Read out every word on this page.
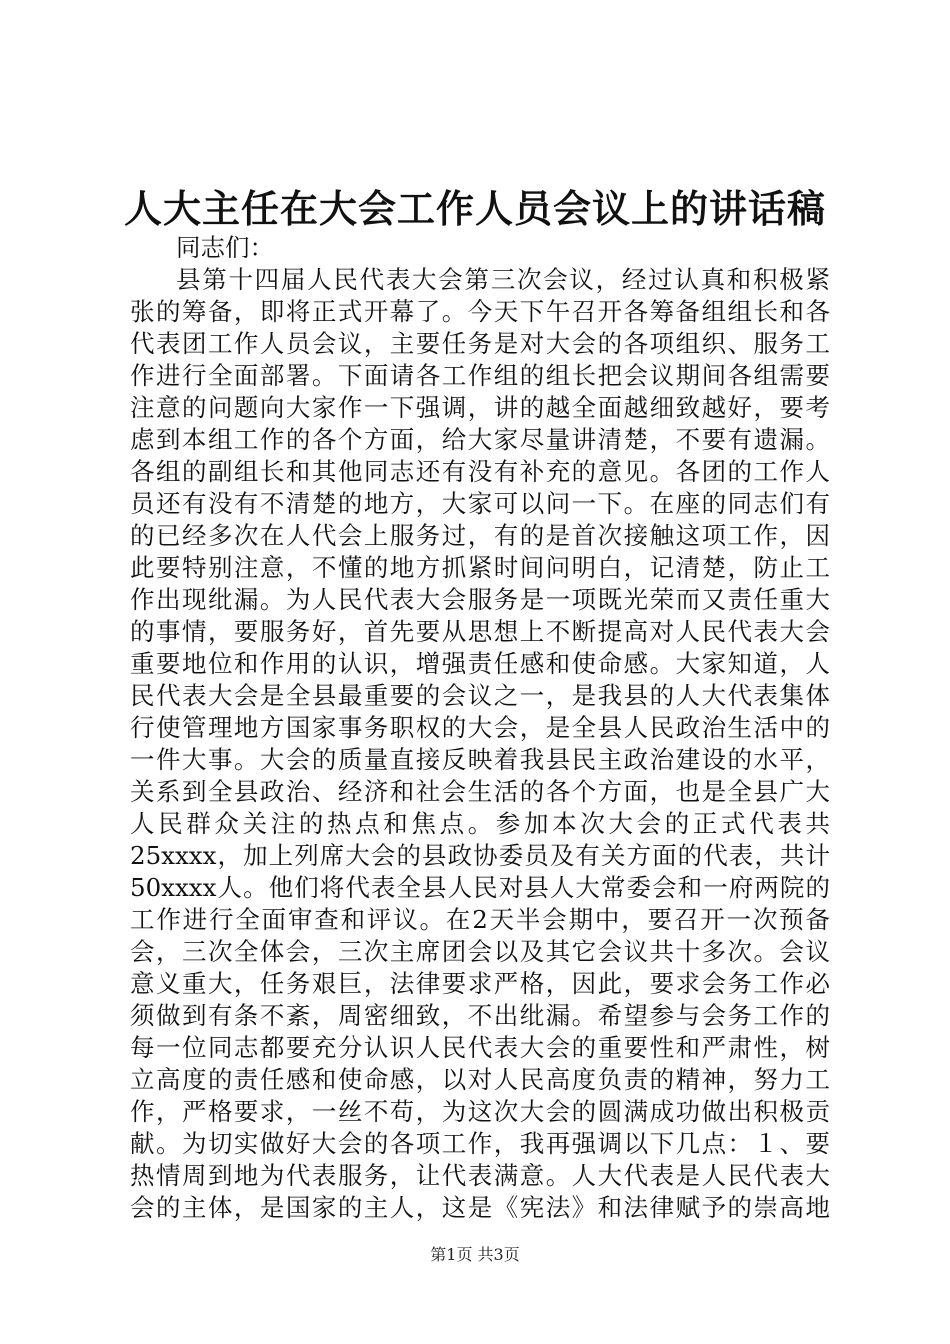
人大主任在大会工作人员会议上的讲话稿
同志们：
县第十四届人民代表大会第三次会议，经过认真和积极紧
张的筹备，即将正式开幕了。今天下午召开各筹备组组长和各
代表团工作人员会议，主要任务是对大会的各项组织、服务工
作进行全面部署。下面请各工作组的组长把会议期间各组需要
注意的问题向大家作一下强调，讲的越全面越细致越好，要考
虑到本组工作的各个方面，给大家尽量讲清楚，不要有遗漏。
各组的副组长和其他同志还有没有补充的意见。各团的工作人
员还有没有不清楚的地方，大家可以问一下。在座的同志们有
的已经多次在人代会上服务过，有的是首次接触这项工作，因
此要特别注意，不懂的地方抓紧时间问明白，记清楚，防止工
作出现纰漏。为人民代表大会服务是一项既光荣而又责任重大
的事情，要服务好，首先要从思想上不断提高对人民代表大会
重要地位和作用的认识，增强责任感和使命感。大家知道，人
民代表大会是全县最重要的会议之一，是我县的人大代表集体
行使管理地方国家事务职权的大会，是全县人民政治生活中的
一件大事。大会的质量直接反映着我县民主政治建设的水平，
关系到全县政治、经济和社会生活的各个方面，也是全县广大
人民群众关注的热点和焦点。参加本次大会的正式代表共
25xxxx，加上列席大会的县政协委员及有关方面的代表，共计
50xxxx人。他们将代表全县人民对县人大常委会和一府两院的
工作进行全面审查和评议。在2天半会期中，要召开一次预备
会，三次全体会，三次主席团会以及其它会议共十多次。会议
意义重大，任务艰巨，法律要求严格，因此，要求会务工作必
须做到有条不紊，周密细致，不出纰漏。希望参与会务工作的
每一位同志都要充分认识人民代表大会的重要性和严肃性，树
立高度的责任感和使命感，以对人民高度负责的精神，努力工
作，严格要求，一丝不苟，为这次大会的圆满成功做出积极贡
献。为切实做好大会的各项工作，我再强调以下几点：１、要
热情周到地为代表服务，让代表满意。人大代表是人民代表大
会的主体，是国家的主人，这是《宪法》和法律赋予的崇高地
第1页 共3页
